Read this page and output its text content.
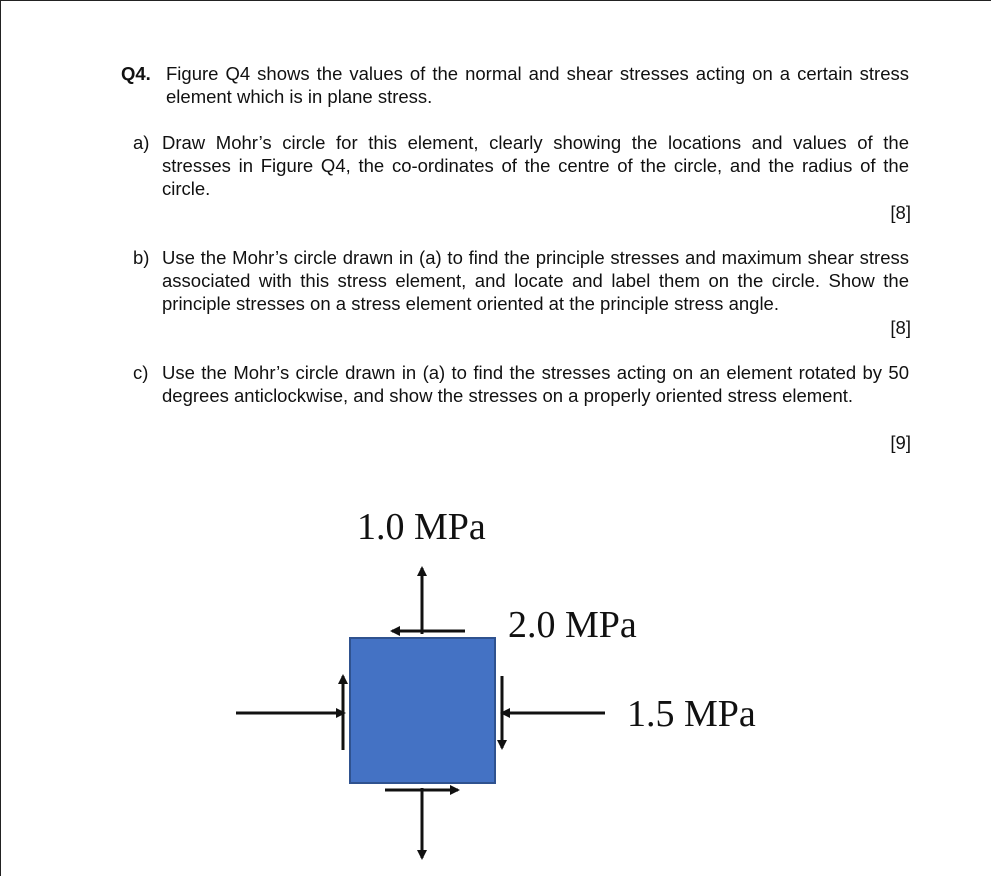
Q4. Figure Q4 shows the values of the normal and shear stresses acting on a certain stress element which is in plane stress.
a) Draw Mohr’s circle for this element, clearly showing the locations and values of the stresses in Figure Q4, the co-ordinates of the centre of the circle, and the radius of the circle.
[8]
b) Use the Mohr’s circle drawn in (a) to find the principle stresses and maximum shear stress associated with this stress element, and locate and label them on the circle. Show the principle stresses on a stress element oriented at the principle stress angle.
[8]
c) Use the Mohr’s circle drawn in (a) to find the stresses acting on an element rotated by 50 degrees anticlockwise, and show the stresses on a properly oriented stress element.
[9]
1.0 MPa
2.0 MPa
1.5 MPa
